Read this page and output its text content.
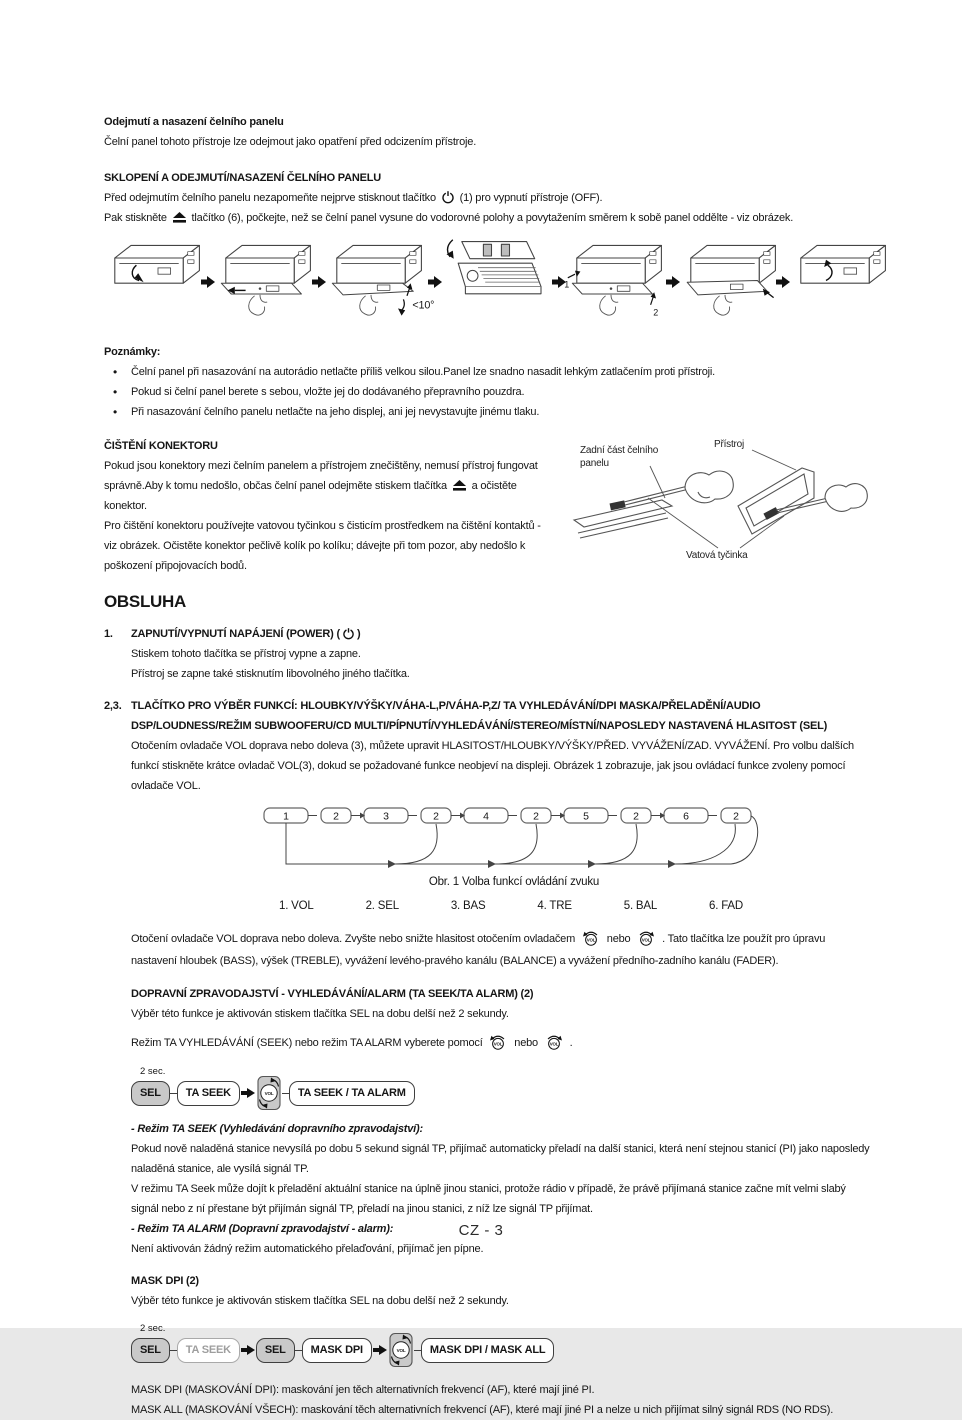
Odejmutí a nasazení čelního panelu

Čelní panel tohoto přístroje lze odejmout jako opatření před odcizením přístroje.

SKLOPENÍ A ODEJMUTÍ/NASAZENÍ ČELNÍHO PANELU

Před odejmutím čelního panelu nezapomeňte nejprve stisknout tlačítko (1) pro vypnutí přístroje (OFF).

Pak stiskněte tlačítko (6), počkejte, než se čelní panel vysune do vodorovné polohy a povytažením směrem k sobě panel oddělte - viz obrázek.

<10°
1
2

Poznámky:

• Čelní panel při nasazování na autorádio netlačte příliš velkou silou.Panel lze snadno nasadit lehkým zatlačením proti přístroji.
• Pokud si čelní panel berete s sebou, vložte jej do dodávaného přepravního pouzdra.
• Při nasazování čelního panelu netlačte na jeho displej, ani jej nevystavujte jinému tlaku.

ČIŠTĚNÍ KONEKTORU

Pokud jsou konektory mezi čelním panelem a přístrojem znečištěny, nemusí přístroj fungovat správně.Aby k tomu nedošlo, občas čelní panel odejměte stiskem tlačítka a očistěte konektor.

Pro čištění konektoru používejte vatovou tyčinkou s čisticím prostředkem na čištění kontaktů - viz obrázek. Očistěte konektor pečlivě kolík po kolíku; dávejte při tom pozor, aby nedošlo k poškození připojovacích bodů.

Zadní část čelního panelu
Přístroj
Vatová tyčinka
OBSLUHA
1.	ZAPNUTÍ/VYPNUTÍ NAPÁJENÍ (POWER) ( )

Stiskem tohoto tlačítka se přístroj vypne a zapne.

Přístroj se zapne také stisknutím libovolného jiného tlačítka.

2,3. TLAČÍTKO PRO VÝBĚR FUNKCÍ: HLOUBKY/VÝŠKY/VÁHA-L,P/VÁHA-P,Z/ TA VYHLEDÁVÁNÍ/DPI MASKA/PŘELADĚNÍ/AUDIO DSP/LOUDNESS/REŽIM SUBWOOFERU/CD MULTI/PÍPNUTÍ/VYHLEDÁVÁNÍ/STEREO/MÍSTNÍ/NAPOSLEDY NASTAVENÁ HLASITOST (SEL)

Otočením ovladače VOL doprava nebo doleva (3), můžete upravit HLASITOST/HLOUBKY/VÝŠKY/PŘED. VYVÁŽENÍ/ZAD. VYVÁŽENÍ. Pro volbu dalších funkcí stiskněte krátce ovladač VOL(3), dokud se požadované funkce neobjeví na displeji. Obrázek 1 zobrazuje, jak jsou ovládací funkce zvoleny pomocí ovladače VOL.

1	2	3	2	4	2	5	2	6	2
Obr. 1 Volba funkcí ovládání zvuku
1. VOL	2. SEL	3. BAS	4. TRE	5. BAL	6. FAD

Otočení ovladače VOL doprava nebo doleva. Zvyšte nebo snižte hlasitost otočením ovladačem	VOL nebo	VOL . Tato tlačítka lze použít pro úpravu nastavení hloubek (BASS), výšek (TREBLE), vyvážení levého-pravého kanálu (BALANCE) a vyvážení předního-zadního kanálu (FADER).

DOPRAVNÍ ZPRAVODAJSTVÍ - VYHLEDÁVÁNÍ/ALARM (TA SEEK/TA ALARM) (2)

Výběr této funkce je aktivován stiskem tlačítka SEL na dobu delší než 2 sekundy.

Režim TA VYHLEDÁVÁNÍ (SEEK) nebo režim TA ALARM vyberete pomocí	VOL nebo	VOL .

2 sec.
SEL	TA SEEK	VOL	TA SEEK / TA ALARM

- Režim TA SEEK (Vyhledávání dopravního zpravodajství):

Pokud nově naladěná stanice nevysílá po dobu 5 sekund signál TP, přijímač automaticky přeladí na další stanici, která není stejnou stanicí (PI) jako naposledy naladěná stanice, ale vysílá signál TP.

V režimu TA Seek může dojít k přeladění aktuální stanice na úplně jinou stanici, protože rádio v případě, že právě přijímaná stanice začne mít velmi slabý signál nebo z ní přestane být přijímán signál TP, přeladí na jinou stanici, z níž lze signál TP přijímat.

- Režim TA ALARM (Dopravní zpravodajství - alarm):

Není aktivován žádný režim automatického přelaďování, přijímač jen pípne.

MASK DPI (2)

Výběr této funkce je aktivován stiskem tlačítka SEL na dobu delší než 2 sekundy.

2 sec.
SEL	TA SEEK	SEL	MASK DPI	VOL	MASK DPI / MASK ALL

MASK DPI (MASKOVÁNÍ DPI): maskování jen těch alternativních frekvencí (AF), které mají jiné PI.

MASK ALL (MASKOVÁNÍ VŠECH): maskování těch alternativních frekvencí (AF), které mají jiné PI a nelze u nich přijímat silný signál RDS (NO RDS).

CZ - 3
